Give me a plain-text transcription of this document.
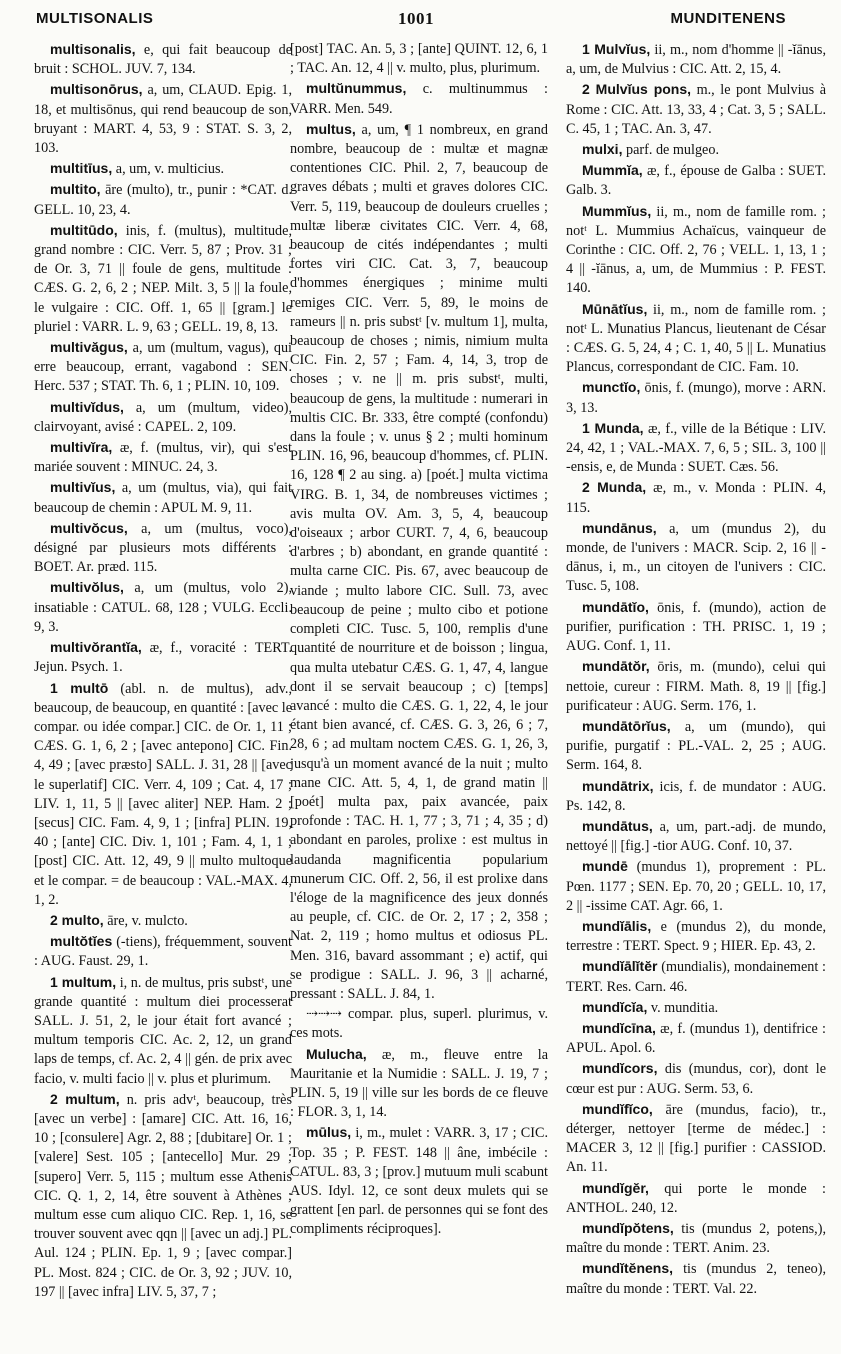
MULTISONALIS	1001	MUNDITENENS

multisonalis, e, qui fait beaucoup de bruit : SCHOL. JUV. 7, 134.

multisonōrus, a, um, CLAUD. Epig. 1, 18, et multisōnus, qui rend beaucoup de son, bruyant : MART. 4, 53, 9 : STAT. S. 3, 2, 103.

multitīus, a, um, v. multicius.

multito, āre (multo), tr., punir : *CAT. d. GELL. 10, 23, 4.

multitūdo, inis, f. (multus), multitude, grand nombre : CIC. Verr. 5, 87 ; Prov. 31 ; de Or. 3, 71 || foule de gens, multitude : CÆS. G. 2, 6, 2 ; NEP. Milt. 3, 5 || la foule, le vulgaire : CIC. Off. 1, 65 || [gram.] le pluriel : VARR. L. 9, 63 ; GELL. 19, 8, 13.

multivăgus, a, um (multum, vagus), qui erre beaucoup, errant, vagabond : SEN. Herc. 537 ; STAT. Th. 6, 1 ; PLIN. 10, 109.

multivĭdus, a, um (multum, video), clairvoyant, avisé : CAPEL. 2, 109.

multivĭra, æ, f. (multus, vir), qui s'est mariée souvent : MINUC. 24, 3.

multivĭus, a, um (multus, via), qui fait beaucoup de chemin : APUL M. 9, 11.

multivŏcus, a, um (multus, voco), désigné par plusieurs mots différents : BOET. Ar. præd. 115.

multivŏlus, a, um (multus, volo 2), insatiable : CATUL. 68, 128 ; VULG. Eccli. 9, 3.

multivŏrantĭa, æ, f., voracité : TERT. Jejun. Psych. 1.

1 multō (abl. n. de multus), adv., beaucoup, de beaucoup, en quantité : [avec le compar. ou idée compar.] CIC. de Or. 1, 11 ; CÆS. G. 1, 6, 2 ; [avec antepono] CIC. Fin. 4, 49 ; [avec præsto] SALL. J. 31, 28 || [avec le superlatif] CIC. Verr. 4, 109 ; Cat. 4, 17 ; LIV. 1, 11, 5 || [avec aliter] NEP. Ham. 2 ; [secus] CIC. Fam. 4, 9, 1 ; [infra] PLIN. 19, 40 ; [ante] CIC. Div. 1, 101 ; Fam. 4, 1, 1 ; [post] CIC. Att. 12, 49, 9 || multo multoque et le compar. = de beaucoup : VAL.-MAX. 4, 1, 2.

2 multo, āre, v. mulcto.

multŏtĭes (-tiens), fréquemment, souvent : AUG. Faust. 29, 1.

1 multum, i, n. de multus, pris substᵗ, une grande quantité : multum diei processerat SALL. J. 51, 2, le jour était fort avancé ; multum temporis CIC. Ac. 2, 12, un grand laps de temps, cf. Ac. 2, 4 || gén. de prix avec facio, v. multi facio || v. plus et plurimum.

2 multum, n. pris advᵗ, beaucoup, très [avec un verbe] : [amare] CIC. Att. 16, 16, 10 ; [consulere] Agr. 2, 88 ; [dubitare] Or. 1 ; [valere] Sest. 105 ; [antecello] Mur. 29 ; [supero] Verr. 5, 115 ; multum esse Athenis CIC. Q. 1, 2, 14, être souvent à Athènes ; multum esse cum aliquo CIC. Rep. 1, 16, se trouver souvent avec qqn || [avec un adj.] PL. Aul. 124 ; PLIN. Ep. 1, 9 ; [avec compar.] PL. Most. 824 ; CIC. de Or. 3, 92 ; JUV. 10, 197 || [avec infra] LIV. 5, 37, 7 ;

[post] TAC. An. 5, 3 ; [ante] QUINT. 12, 6, 1 ; TAC. An. 12, 4 || v. multo, plus, plurimum.

multŭnummus, c. multinummus : VARR. Men. 549.

multus, a, um, ¶ 1 nombreux, en grand nombre, beaucoup de : multæ et magnæ contentiones CIC. Phil. 2, 7, beaucoup de graves débats ; multi et graves dolores CIC. Verr. 5, 119, beaucoup de douleurs cruelles ; multæ liberæ civitates CIC. Verr. 4, 68, beaucoup de cités indépendantes ; multi fortes viri CIC. Cat. 3, 7, beaucoup d'hommes énergiques ; minime multi remiges CIC. Verr. 5, 89, le moins de rameurs || n. pris substᵗ [v. multum 1], multa, beaucoup de choses ; nimis, nimium multa CIC. Fin. 2, 57 ; Fam. 4, 14, 3, trop de choses ; v. ne || m. pris substᵗ, multi, beaucoup de gens, la multitude : numerari in multis CIC. Br. 333, être compté (confondu) dans la foule ; v. unus § 2 ; multi hominum PLIN. 16, 96, beaucoup d'hommes, cf. PLIN. 16, 128 ¶ 2 au sing. a) [poét.] multa victima VIRG. B. 1, 34, de nombreuses victimes ; avis multa OV. Am. 3, 5, 4, beaucoup d'oiseaux ; arbor CURT. 7, 4, 6, beaucoup d'arbres ; b) abondant, en grande quantité : multa carne CIC. Pis. 67, avec beaucoup de viande ; multo labore CIC. Sull. 73, avec beaucoup de peine ; multo cibo et potione completi CIC. Tusc. 5, 100, remplis d'une quantité de nourriture et de boisson ; lingua, qua multa utebatur CÆS. G. 1, 47, 4, langue dont il se servait beaucoup ; c) [temps] avancé : multo die CÆS. G. 1, 22, 4, le jour étant bien avancé, cf. CÆS. G. 3, 26, 6 ; 7, 28, 6 ; ad multam noctem CÆS. G. 1, 26, 3, jusqu'à un moment avancé de la nuit ; multo mane CIC. Att. 5, 4, 1, de grand matin || [poét] multa pax, paix avancée, paix profonde : TAC. H. 1, 77 ; 3, 71 ; 4, 35 ; d) abondant en paroles, prolixe : est multus in laudanda magnificentia popularium munerum CIC. Off. 2, 56, il est prolixe dans l'éloge de la magnificence des jeux donnés au peuple, cf. CIC. de Or. 2, 17 ; 2, 358 ; Nat. 2, 119 ; homo multus et odiosus PL. Men. 316, bavard assommant ; e) actif, qui se prodigue : SALL. J. 96, 3 || acharné, pressant : SALL. J. 84, 1.

⇢⇢⇢ compar. plus, superl. plurimus, v. ces mots.

Mulucha, æ, m., fleuve entre la Mauritanie et la Numidie : SALL. J. 19, 7 ; PLIN. 5, 19 || ville sur les bords de ce fleuve : FLOR. 3, 1, 14.

mūlus, i, m., mulet : VARR. 3, 17 ; CIC. Top. 35 ; P. FEST. 148 || âne, imbécile : CATUL. 83, 3 ; [prov.] mutuum muli scabunt AUS. Idyl. 12, ce sont deux mulets qui se grattent [en parl. de personnes qui se font des compliments réciproques].

1 Mulvĭus, ii, m., nom d'homme || -ĭānus, a, um, de Mulvius : CIC. Att. 2, 15, 4.

2 Mulvĭus pons, m., le pont Mulvius à Rome : CIC. Att. 13, 33, 4 ; Cat. 3, 5 ; SALL. C. 45, 1 ; TAC. An. 3, 47.

mulxi, parf. de mulgeo.

Mummĭa, æ, f., épouse de Galba : SUET. Galb. 3.

Mummĭus, ii, m., nom de famille rom. ; notᵗ L. Mummius Achaïcus, vainqueur de Corinthe : CIC. Off. 2, 76 ; VELL. 1, 13, 1 ; 4 || -ĭānus, a, um, de Mummius : P. FEST. 140.

Mūnātĭus, ii, m., nom de famille rom. ; notᵗ L. Munatius Plancus, lieutenant de César : CÆS. G. 5, 24, 4 ; C. 1, 40, 5 || L. Munatius Plancus, correspondant de CIC. Fam. 10.

munctĭo, ōnis, f. (mungo), morve : ARN. 3, 13.

1 Munda, æ, f., ville de la Bétique : LIV. 24, 42, 1 ; VAL.-MAX. 7, 6, 5 ; SIL. 3, 100 || -ensis, e, de Munda : SUET. Cæs. 56.

2 Munda, æ, m., v. Monda : PLIN. 4, 115.

mundānus, a, um (mundus 2), du monde, de l'univers : MACR. Scip. 2, 16 || -dānus, i, m., un citoyen de l'univers : CIC. Tusc. 5, 108.

mundātĭo, ōnis, f. (mundo), action de purifier, purification : TH. PRISC. 1, 19 ; AUG. Conf. 1, 11.

mundātŏr, ōris, m. (mundo), celui qui nettoie, cureur : FIRM. Math. 8, 19 || [fig.] purificateur : AUG. Serm. 176, 1.

mundātōrĭus, a, um (mundo), qui purifie, purgatif : PL.-VAL. 2, 25 ; AUG. Serm. 164, 8.

mundātrix, icis, f. de mundator : AUG. Ps. 142, 8.

mundātus, a, um, part.-adj. de mundo, nettoyé || [fig.] -tior AUG. Conf. 10, 37.

mundē (mundus 1), proprement : PL. Pœn. 1177 ; SEN. Ep. 70, 20 ; GELL. 10, 17, 2 || -issime CAT. Agr. 66, 1.

mundĭālis, e (mundus 2), du monde, terrestre : TERT. Spect. 9 ; HIER. Ep. 43, 2.

mundĭālĭtĕr (mundialis), mondainement : TERT. Res. Carn. 46.

mundĭcĭa, v. munditia.

mundĭcīna, æ, f. (mundus 1), dentifrice : APUL. Apol. 6.

mundĭcors, dis (mundus, cor), dont le cœur est pur : AUG. Serm. 53, 6.

mundĭfĭco, āre (mundus, facio), tr., déterger, nettoyer [terme de médec.] : MACER 3, 12 || [fig.] purifier : CASSIOD. An. 11.

mundĭgĕr, qui porte le monde : ANTHOL. 240, 12.

mundĭpŏtens, tis (mundus 2, potens,), maître du monde : TERT. Anim. 23.

mundĭtĕnens, tis (mundus 2, teneo), maître du monde : TERT. Val. 22.
